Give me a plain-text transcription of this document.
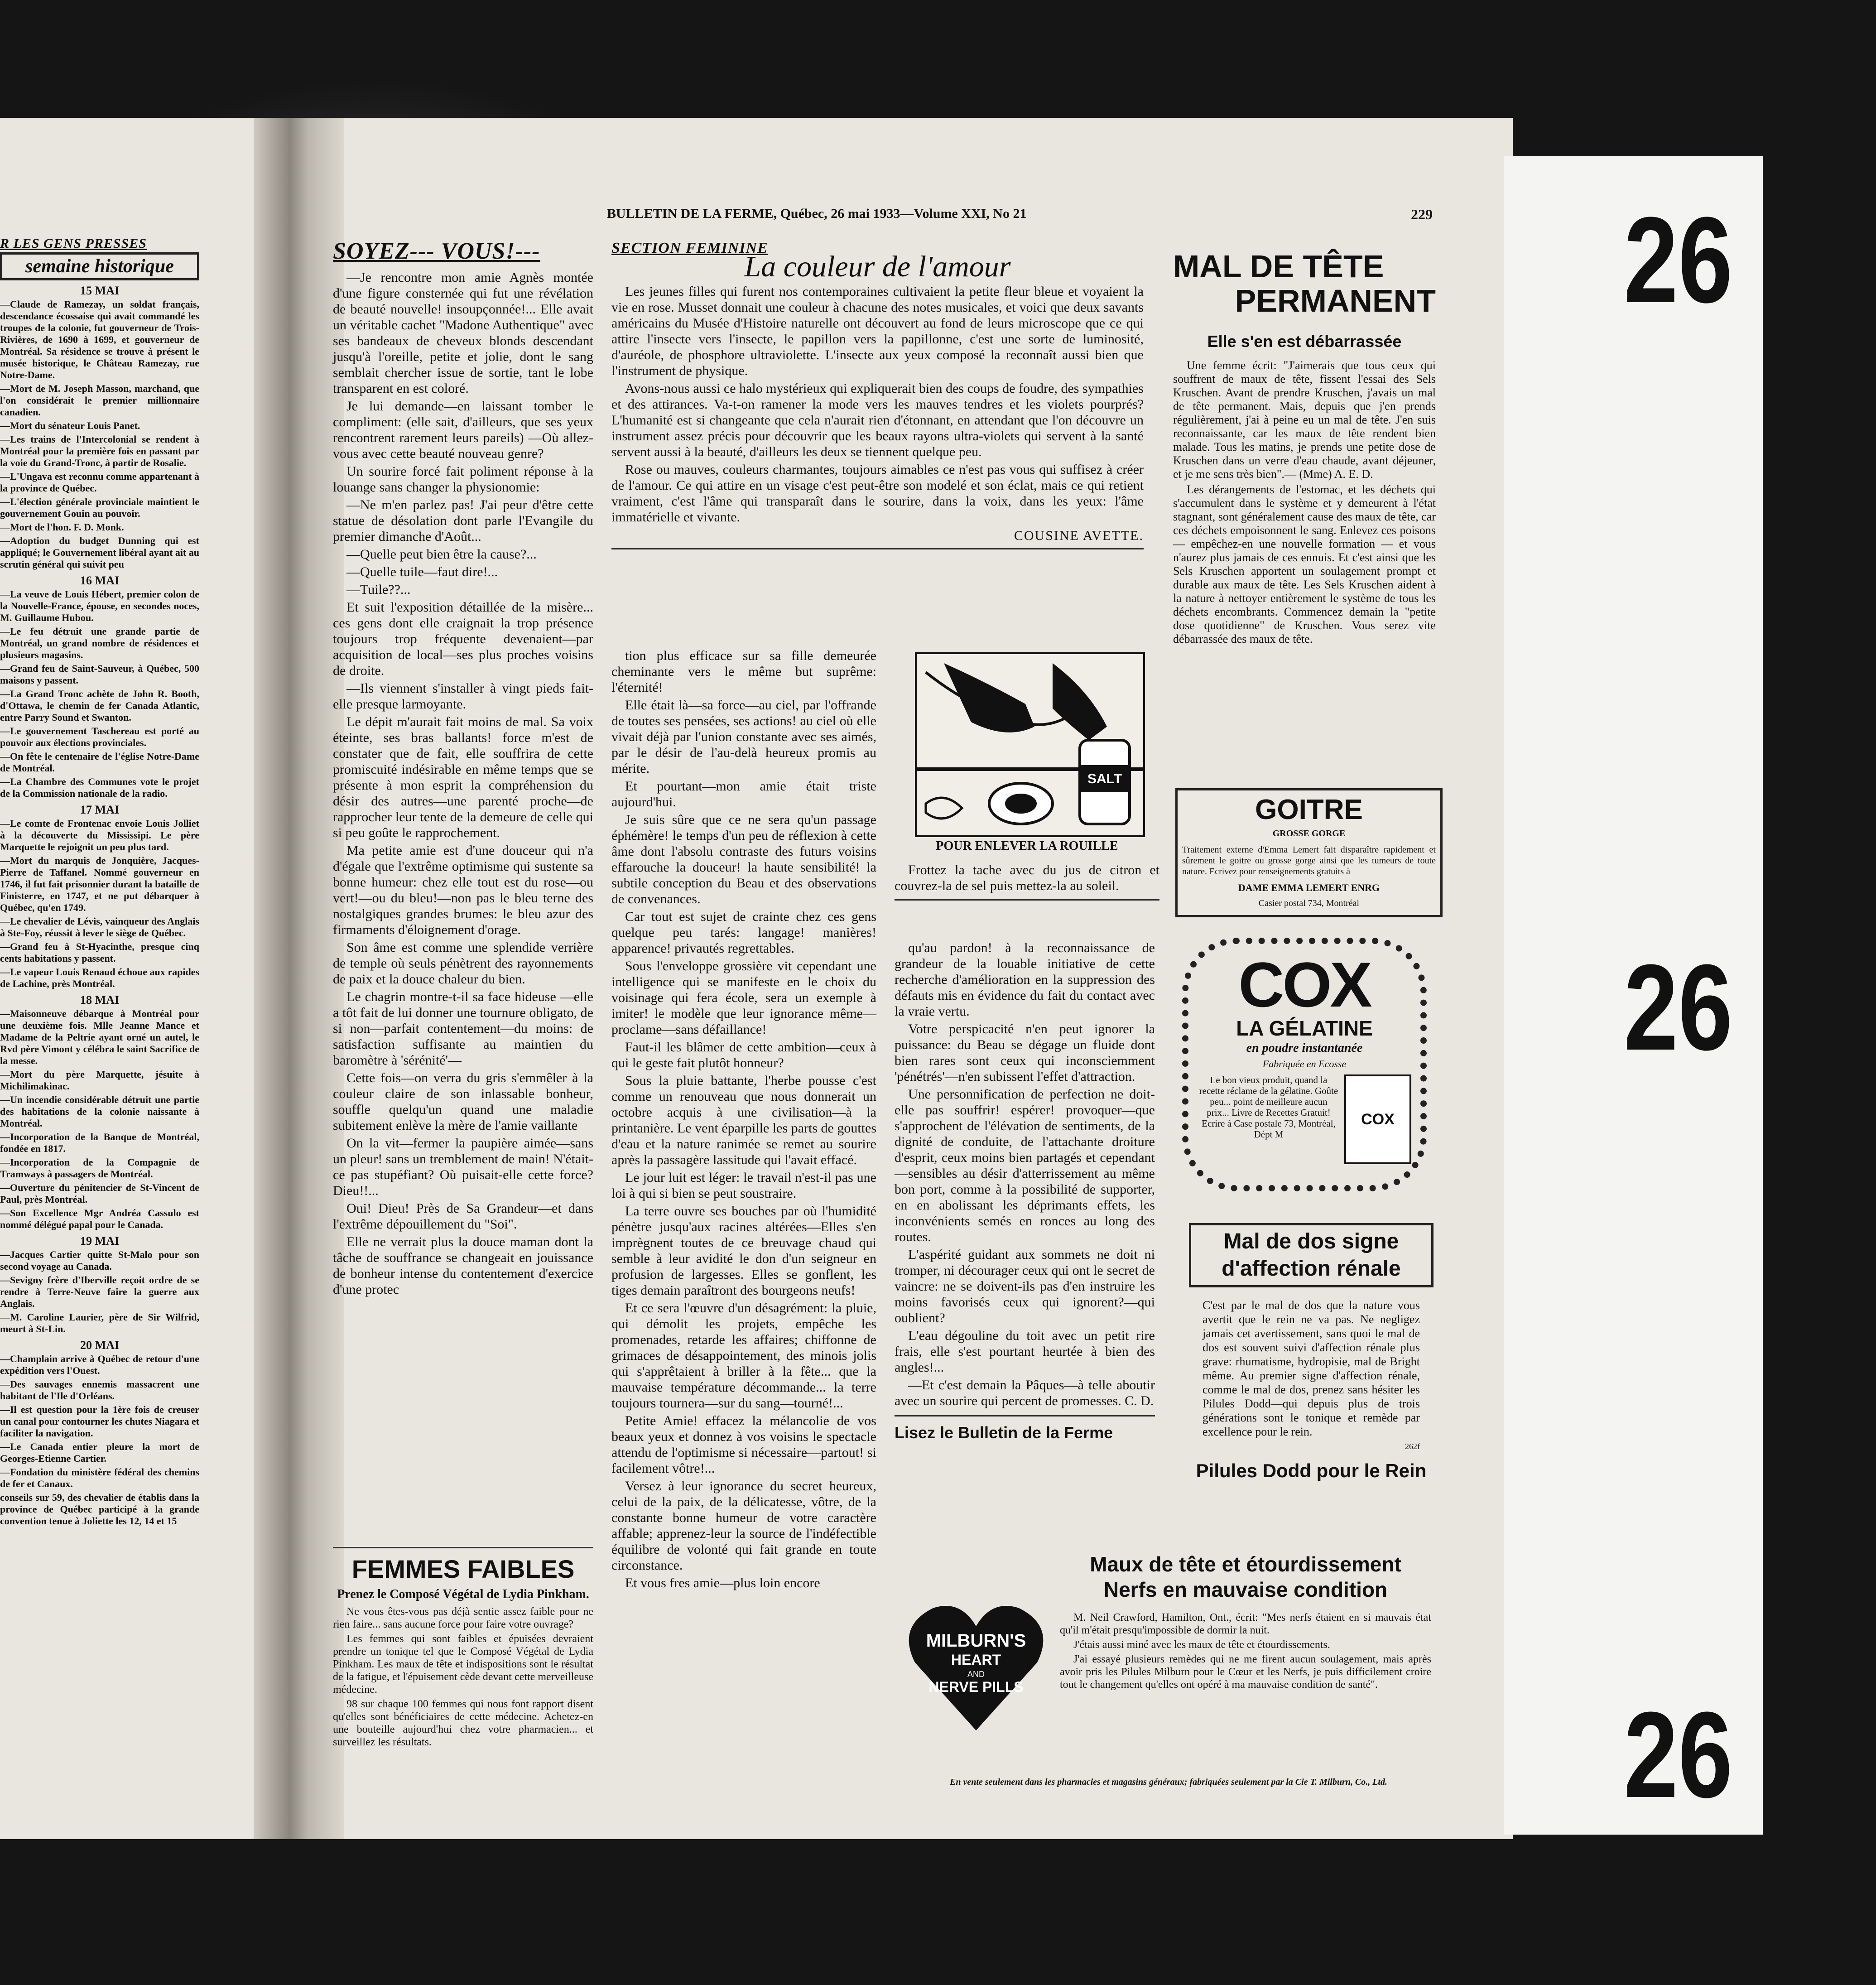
26
26
26
BULLETIN DE LA FERME, Québec, 26 mai 1933—Volume XXI, No 21	229
R LES GENS PRESSES
semaine historique
15 MAI
—Claude de Ramezay, un soldat français, descendance écossaise qui avait commandé les troupes de la colonie, fut gouverneur de Trois-Rivières, de 1690 à 1699, et gouverneur de Montréal. Sa résidence se trouve à présent le musée historique, le Château Ramezay, rue Notre-Dame.
—Mort de M. Joseph Masson, marchand, que l'on considérait le premier millionnaire canadien.
—Mort du sénateur Louis Panet.
—Les trains de l'Intercolonial se rendent à Montréal pour la première fois en passant par la voie du Grand-Tronc, à partir de Rosalie.
—L'Ungava est reconnu comme appartenant à la province de Québec.
—L'élection générale provinciale maintient le gouvernement Gouin au pouvoir.
—Mort de l'hon. F. D. Monk.
—Adoption du budget Dunning qui est appliqué; le Gouvernement libéral ayant ait au scrutin général qui suivit peu
16 MAI
—La veuve de Louis Hébert, premier colon de la Nouvelle-France, épouse, en secondes noces, M. Guillaume Hubou.
—Le feu détruit une grande partie de Montréal, un grand nombre de résidences et plusieurs magasins.
—Grand feu de Saint-Sauveur, à Québec, 500 maisons y passent.
—La Grand Tronc achète de John R. Booth, d'Ottawa, le chemin de fer Canada Atlantic, entre Parry Sound et Swanton.
—Le gouvernement Taschereau est porté au pouvoir aux élections provinciales.
—On fête le centenaire de l'église Notre-Dame de Montréal.
—La Chambre des Communes vote le projet de la Commission nationale de la radio.
17 MAI
—Le comte de Frontenac envoie Louis Jolliet à la découverte du Mississipi. Le père Marquette le rejoignit un peu plus tard.
—Mort du marquis de Jonquière, Jacques-Pierre de Taffanel. Nommé gouverneur en 1746, il fut fait prisonnier durant la bataille de Finisterre, en 1747, et ne put débarquer à Québec, qu'en 1749.
—Le chevalier de Lévis, vainqueur des Anglais à Ste-Foy, réussit à lever le siège de Québec.
—Grand feu à St-Hyacinthe, presque cinq cents habitations y passent.
—Le vapeur Louis Renaud échoue aux rapides de Lachine, près Montréal.
18 MAI
—Maisonneuve débarque à Montréal pour une deuxième fois. Mlle Jeanne Mance et Madame de la Peltrie ayant orné un autel, le Rvd père Vimont y célébra le saint Sacrifice de la messe.
—Mort du père Marquette, jésuite à Michilimakinac.
—Un incendie considérable détruit une partie des habitations de la colonie naissante à Montréal.
—Incorporation de la Banque de Montréal, fondée en 1817.
—Incorporation de la Compagnie de Tramways à passagers de Montréal.
—Ouverture du pénitencier de St-Vincent de Paul, près Montréal.
—Son Excellence Mgr Andréa Cassulo est nommé délégué papal pour le Canada.
19 MAI
—Jacques Cartier quitte St-Malo pour son second voyage au Canada.
—Sevigny frère d'Iberville reçoit ordre de se rendre à Terre-Neuve faire la guerre aux Anglais.
—M. Caroline Laurier, père de Sir Wilfrid, meurt à St-Lin.
20 MAI
—Champlain arrive à Québec de retour d'une expédition vers l'Ouest.
—Des sauvages ennemis massacrent une habitant de l'Ile d'Orléans.
—Il est question pour la 1ère fois de creuser un canal pour contourner les chutes Niagara et faciliter la navigation.
—Le Canada entier pleure la mort de Georges-Etienne Cartier.
—Fondation du ministère fédéral des chemins de fer et Canaux.
conseils sur 59, des chevalier de établis dans la province de Québec participé à la grande convention tenue à Joliette les 12, 14 et 15
SOYEZ--- VOUS!---

—Je rencontre mon amie Agnès montée d'une figure consternée qui fut une révélation de beauté nouvelle! insoupçonnée!... Elle avait un véritable cachet "Madone Authentique" avec ses bandeaux de cheveux blonds descendant jusqu'à l'oreille, petite et jolie, dont le sang semblait chercher issue de sortie, tant le lobe transparent en est coloré.

Je lui demande—en laissant tomber le compliment: (elle sait, d'ailleurs, que ses yeux rencontrent rarement leurs pareils) —Où allez-vous avec cette beauté nouveau genre?

Un sourire forcé fait poliment réponse à la louange sans changer la physionomie:

—Ne m'en parlez pas! J'ai peur d'être cette statue de désolation dont parle l'Evangile du premier dimanche d'Août...

—Quelle peut bien être la cause?...

—Quelle tuile—faut dire!...

—Tuile??...

Et suit l'exposition détaillée de la misère... ces gens dont elle craignait la trop présence toujours trop fréquente devenaient—par acquisition de local—ses plus proches voisins de droite.

—Ils viennent s'installer à vingt pieds fait-elle presque larmoyante.

Le dépit m'aurait fait moins de mal. Sa voix éteinte, ses bras ballants! force m'est de constater que de fait, elle souffrira de cette promiscuité indésirable en même temps que se présente à mon esprit la compréhension du désir des autres—une parenté proche—de rapprocher leur tente de la demeure de celle qui si peu goûte le rapprochement.

Ma petite amie est d'une douceur qui n'a d'égale que l'extrême optimisme qui sustente sa bonne humeur: chez elle tout est du rose—ou vert!—ou du bleu!—non pas le bleu terne des nostalgiques grandes brumes: le bleu azur des firmaments d'éloignement d'orage.

Son âme est comme une splendide verrière de temple où seuls pénètrent des rayonnements de paix et la douce chaleur du bien.

Le chagrin montre-t-il sa face hideuse —elle a tôt fait de lui donner une tournure obligato, de si non—parfait contentement—du moins: de satisfaction suffisante au maintien du baromètre à 'sérénité'—

Cette fois—on verra du gris s'emmêler à la couleur claire de son inlassable bonheur, souffle quelqu'un quand une maladie subitement enlève la mère de l'amie vaillante

On la vit—fermer la paupière aimée—sans un pleur! sans un tremblement de main! N'était-ce pas stupéfiant? Où puisait-elle cette force? Dieu!!...

Oui! Dieu! Près de Sa Grandeur—et dans l'extrême dépouillement du "Soi".

Elle ne verrait plus la douce maman dont la tâche de souffrance se changeait en jouissance de bonheur intense du contentement d'exercice d'une protec

FEMMES FAIBLES
Prenez le Composé Végétal de Lydia Pinkham.

Ne vous êtes-vous pas déjà sentie assez faible pour ne rien faire... sans aucune force pour faire votre ouvrage?

Les femmes qui sont faibles et épuisées devraient prendre un tonique tel que le Composé Végétal de Lydia Pinkham. Les maux de tête et indispositions sont le résultat de la fatigue, et l'épuisement cède devant cette merveilleuse médecine.

98 sur chaque 100 femmes qui nous font rapport disent qu'elles sont bénéficiaires de cette médecine. Achetez-en une bouteille aujourd'hui chez votre pharmacien... et surveillez les résultats.

SECTION FEMININE
La couleur de l'amour

Les jeunes filles qui furent nos contemporaines cultivaient la petite fleur bleue et voyaient la vie en rose. Musset donnait une couleur à chacune des notes musicales, et voici que deux savants américains du Musée d'Histoire naturelle ont découvert au fond de leurs microscope que ce qui attire l'insecte vers l'insecte, le papillon vers la papillonne, c'est une sorte de luminosité, d'auréole, de phosphore ultraviolette. L'insecte aux yeux composé la reconnaît aussi bien que l'instrument de physique.

Avons-nous aussi ce halo mystérieux qui expliquerait bien des coups de foudre, des sympathies et des attirances. Va-t-on ramener la mode vers les mauves tendres et les violets pourprés? L'humanité est si changeante que cela n'aurait rien d'étonnant, en attendant que l'on découvre un instrument assez précis pour découvrir que les beaux rayons ultra-violets qui servent à la santé servent aussi à la beauté, d'ailleurs les deux se tiennent quelque peu.

Rose ou mauves, couleurs charmantes, toujours aimables ce n'est pas vous qui suffisez à créer de l'amour. Ce qui attire en un visage c'est peut-être son modelé et son éclat, mais ce qui retient vraiment, c'est l'âme qui transparaît dans le sourire, dans la voix, dans les yeux: l'âme immatérielle et vivante.

COUSINE AVETTE.

tion plus efficace sur sa fille demeurée cheminante vers le même but suprême: l'éternité!

Elle était là—sa force—au ciel, par l'offrande de toutes ses pensées, ses actions! au ciel où elle vivait déjà par l'union constante avec ses aimés, par le désir de l'au-delà heureux promis au mérite.

Et pourtant—mon amie était triste aujourd'hui.

Je suis sûre que ce ne sera qu'un passage éphémère! le temps d'un peu de réflexion à cette âme dont l'absolu contraste des futurs voisins effarouche la douceur! la haute sensibilité! la subtile conception du Beau et des observations de convenances.

Car tout est sujet de crainte chez ces gens quelque peu tarés: langage! manières! apparence! privautés regrettables.

Sous l'enveloppe grossière vit cependant une intelligence qui se manifeste en le choix du voisinage qui fera école, sera un exemple à imiter! le modèle que leur ignorance même—proclame—sans défaillance!

Faut-il les blâmer de cette ambition—ceux à qui le geste fait plutôt honneur?

Sous la pluie battante, l'herbe pousse c'est comme un renouveau que nous donnerait un octobre acquis à une civilisation—à la printanière. Le vent éparpille les parts de gouttes d'eau et la nature ranimée se remet au sourire après la passagère lassitude qui l'avait effacé.

Le jour luit est léger: le travail n'est-il pas une loi à qui si bien se peut soustraire.

La terre ouvre ses bouches par où l'humidité pénètre jusqu'aux racines altérées—Elles s'en imprègnent toutes de ce breuvage chaud qui semble à leur avidité le don d'un seigneur en profusion de largesses. Elles se gonflent, les tiges demain paraîtront des bourgeons neufs!

Et ce sera l'œuvre d'un désagrément: la pluie, qui démolit les projets, empêche les promenades, retarde les affaires; chiffonne de grimaces de désappointement, des minois jolis qui s'apprêtaient à briller à la fête... que la mauvaise température décommande... la terre toujours tournera—sur du sang—tourné!...

Petite Amie! effacez la mélancolie de vos beaux yeux et donnez à vos voisins le spectacle attendu de l'optimisme si nécessaire—partout! si facilement vôtre!...

Versez à leur ignorance du secret heureux, celui de la paix, de la délicatesse, vôtre, de la constante bonne humeur de votre caractère affable; apprenez-leur la source de l'indéfectible équilibre de volonté qui fait grande en toute circonstance.

Et vous fres amie—plus loin encore

SALT
POUR ENLEVER LA ROUILLE

Frottez la tache avec du jus de citron et couvrez-la de sel puis mettez-la au soleil.

qu'au pardon! à la reconnaissance de grandeur de la louable initiative de cette recherche d'amélioration en la suppression des défauts mis en évidence du fait du contact avec la vraie vertu.

Votre perspicacité n'en peut ignorer la puissance: du Beau se dégage un fluide dont bien rares sont ceux qui inconsciemment 'pénétrés'—n'en subissent l'effet d'attraction.

Une personnification de perfection ne doit-elle pas souffrir! espérer! provoquer—que s'approchent de l'élévation de sentiments, de la dignité de conduite, de l'attachante droiture d'esprit, ceux moins bien partagés et cependant—sensibles au désir d'atterrissement au même bon port, comme à la possibilité de supporter, en en abolissant les déprimants effets, les inconvénients semés en ronces au long des routes.

L'aspérité guidant aux sommets ne doit ni tromper, ni décourager ceux qui ont le secret de vaincre: ne se doivent-ils pas d'en instruire les moins favorisés ceux qui ignorent?—qui oublient?

L'eau dégouline du toit avec un petit rire frais, elle s'est pourtant heurtée à bien des angles!...

—Et c'est demain la Pâques—à telle aboutir avec un sourire qui percent de promesses. C. D.

Lisez le Bulletin de la Ferme
MAL DE TÊTE
PERMANENT
Elle s'en est débarrassée

Une femme écrit: "J'aimerais que tous ceux qui souffrent de maux de tête, fissent l'essai des Sels Kruschen. Avant de prendre Kruschen, j'avais un mal de tête permanent. Mais, depuis que j'en prends régulièrement, j'ai à peine eu un mal de tête. J'en suis reconnaissante, car les maux de tête rendent bien malade. Tous les matins, je prends une petite dose de Kruschen dans un verre d'eau chaude, avant déjeuner, et je me sens très bien".— (Mme) A. E. D.

Les dérangements de l'estomac, et les déchets qui s'accumulent dans le système et y demeurent à l'état stagnant, sont généralement cause des maux de tête, car ces déchets empoisonnent le sang. Enlevez ces poisons — empêchez-en une nouvelle formation — et vous n'aurez plus jamais de ces ennuis. Et c'est ainsi que les Sels Kruschen apportent un soulagement prompt et durable aux maux de tête. Les Sels Kruschen aident à la nature à nettoyer entièrement le système de tous les déchets encombrants. Commencez demain la "petite dose quotidienne" de Kruschen. Vous serez vite débarrassée des maux de tête.

GOITRE
GROSSE GORGE
Traitement externe d'Emma Lemert fait disparaître rapidement et sûrement le goitre ou grosse gorge ainsi que les tumeurs de toute nature. Ecrivez pour renseignements gratuits à
DAME EMMA LEMERT ENRG
Casier postal 734, Montréal
COX
LA GÉLATINE
en poudre instantanée
Fabriquée en Ecosse
Le bon vieux produit, quand la recette réclame de la gélatine. Goûte peu... point de meilleure aucun prix... Livre de Recettes Gratuit! Ecrire à Case postale 73, Montréal, Dépt M
COX
Mal de dos signe d'affection rénale
C'est par le mal de dos que la nature vous avertit que le rein ne va pas. Ne negligez jamais cet avertissement, sans quoi le mal de dos est souvent suivi d'affection rénale plus grave: rhumatisme, hydropisie, mal de Bright même. Au premier signe d'affection rénale, comme le mal de dos, prenez sans hésiter les Pilules Dodd—qui depuis plus de trois générations sont le tonique et remède par excellence pour le rein.
262f
Pilules Dodd pour le Rein
Maux de tête et étourdissement
Nerfs en mauvaise condition

M. Neil Crawford, Hamilton, Ont., écrit: "Mes nerfs étaient en si mauvais état qu'il m'était presqu'impossible de dormir la nuit.

J'étais aussi miné avec les maux de tête et étourdissements.

J'ai essayé plusieurs remèdes qui ne me firent aucun soulagement, mais après avoir pris les Pilules Milburn pour le Cœur et les Nerfs, je puis difficilement croire tout le changement qu'elles ont opéré à ma mauvaise condition de santé".

MILBURN'S
HEART
AND
NERVE PILLS
En vente seulement dans les pharmacies et magasins généraux; fabriquées seulement par la Cie T. Milburn, Co., Ltd.
